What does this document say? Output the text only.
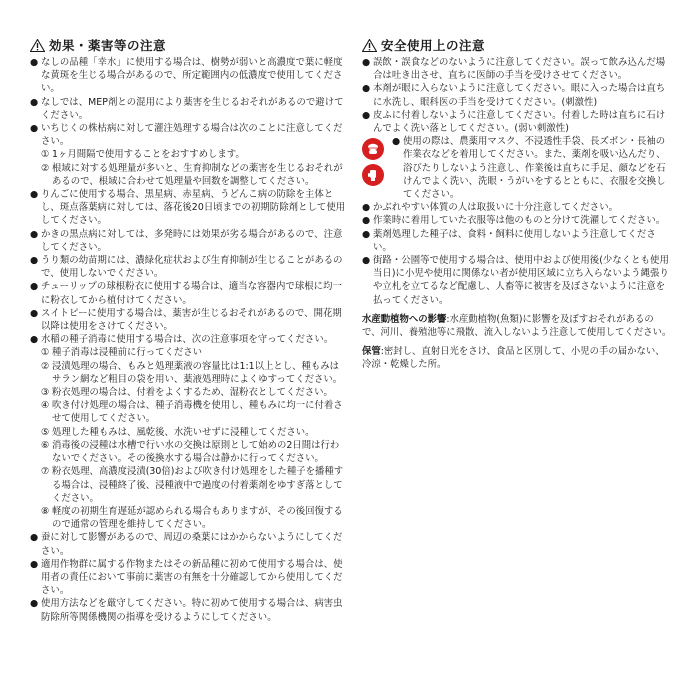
効果・薬害等の注意
● なしの品種「幸水」に使用する場合は、樹勢が弱いと高濃度で葉に軽度な黄斑を生じる場合があるので、所定範囲内の低濃度で使用してください。
● なしでは、MEP剤との混用により薬害を生じるおそれがあるので避けてください。
● いちじくの株枯病に対して灌注処理する場合は次のことに注意してください。
① 1ヶ月間隔で使用することをおすすめします。
② 根域に対する処理量が多いと、生育抑制などの薬害を生じるおそれがあるので、根域に合わせて処理量や回数を調整してください。
● りんごに使用する場合、黒星病、赤星病、うどんこ病の防除を主体とし、斑点落葉病に対しては、落花後20日頃までの初期防除剤として使用してください。
● かきの黒点病に対しては、多発時には効果が劣る場合があるので、注意してください。
● うり類の幼苗期には、濃緑化症状および生育抑制が生じることがあるので、使用しないでください。
● チューリップの球根粉衣に使用する場合は、適当な容器内で球根に均一に粉衣してから植付けてください。
● スイトピーに使用する場合は、薬害が生じるおそれがあるので、開花期以降は使用をさけてください。
● 水稲の種子消毒に使用する場合は、次の注意事項を守ってください。
① 種子消毒は浸種前に行ってください
② 浸漬処理の場合、もみと処理薬液の容量比は1:1以上とし、種もみはサラン網など粗目の袋を用い、薬液処理時によくゆすってください。
③ 粉衣処理の場合は、付着をよくするため、湿粉衣としてください。
④ 吹き付け処理の場合は、種子消毒機を使用し、種もみに均一に付着させて使用してください。
⑤ 処理した種もみは、風乾後、水洗いせずに浸種してください。
⑥ 消毒後の浸種は水槽で行い水の交換は原則として始めの2日間は行わないでください。その後換水する場合は静かに行ってください。
⑦ 粉衣処理、高濃度浸漬(30倍)および吹き付け処理をした種子を播種する場合は、浸種終了後、浸種液中で過度の付着薬剤をゆすぎ落としてください。
⑧ 軽度の初期生育遅延が認められる場合もありますが、その後回復するので通常の管理を維持してください。
● 蚕に対して影響があるので、周辺の桑葉にはかからないようにしてください。
● 適用作物群に属する作物またはその新品種に初めて使用する場合は、使用者の責任において事前に薬害の有無を十分確認してから使用してください。
● 使用方法などを厳守してください。特に初めて使用する場合は、病害虫防除所等関係機関の指導を受けるようにしてください。
安全使用上の注意
● 誤飲・誤食などのないように注意してください。誤って飲み込んだ場合は吐き出させ、直ちに医師の手当を受けさせてください。
● 本剤が眼に入らないように注意してください。眼に入った場合は直ちに水洗し、眼科医の手当を受けてください。(刺激性)
● 皮ふに付着しないように注意してください。付着した時は直ちに石けんでよく洗い落としてください。(弱い刺激性)
● 使用の際は、農薬用マスク、不浸透性手袋、長ズボン・長袖の作業衣などを着用してください。また、薬剤を吸い込んだり、浴びたりしないよう注意し、作業後は直ちに手足、顔などを石けんでよく洗い、洗眼・うがいをするとともに、衣服を交換してください。
● かぶれやすい体質の人は取扱いに十分注意してください。
● 作業時に着用していた衣服等は他のものと分けて洗濯してください。
● 薬剤処理した種子は、食料・飼料に使用しないよう注意してください。
● 街路・公園等で使用する場合は、使用中および使用後(少なくとも使用当日)に小児や使用に関係ない者が使用区域に立ち入らないよう縄張りや立札を立てるなど配慮し、人畜等に被害を及ぼさないように注意を払ってください。

水産動植物への影響:水産動植物(魚類)に影響を及ぼすおそれがあるので、河川、養殖池等に飛散、流入しないよう注意して使用してください。

保管:密封し、直射日光をさけ、食品と区別して、小児の手の届かない、冷涼・乾燥した所。
